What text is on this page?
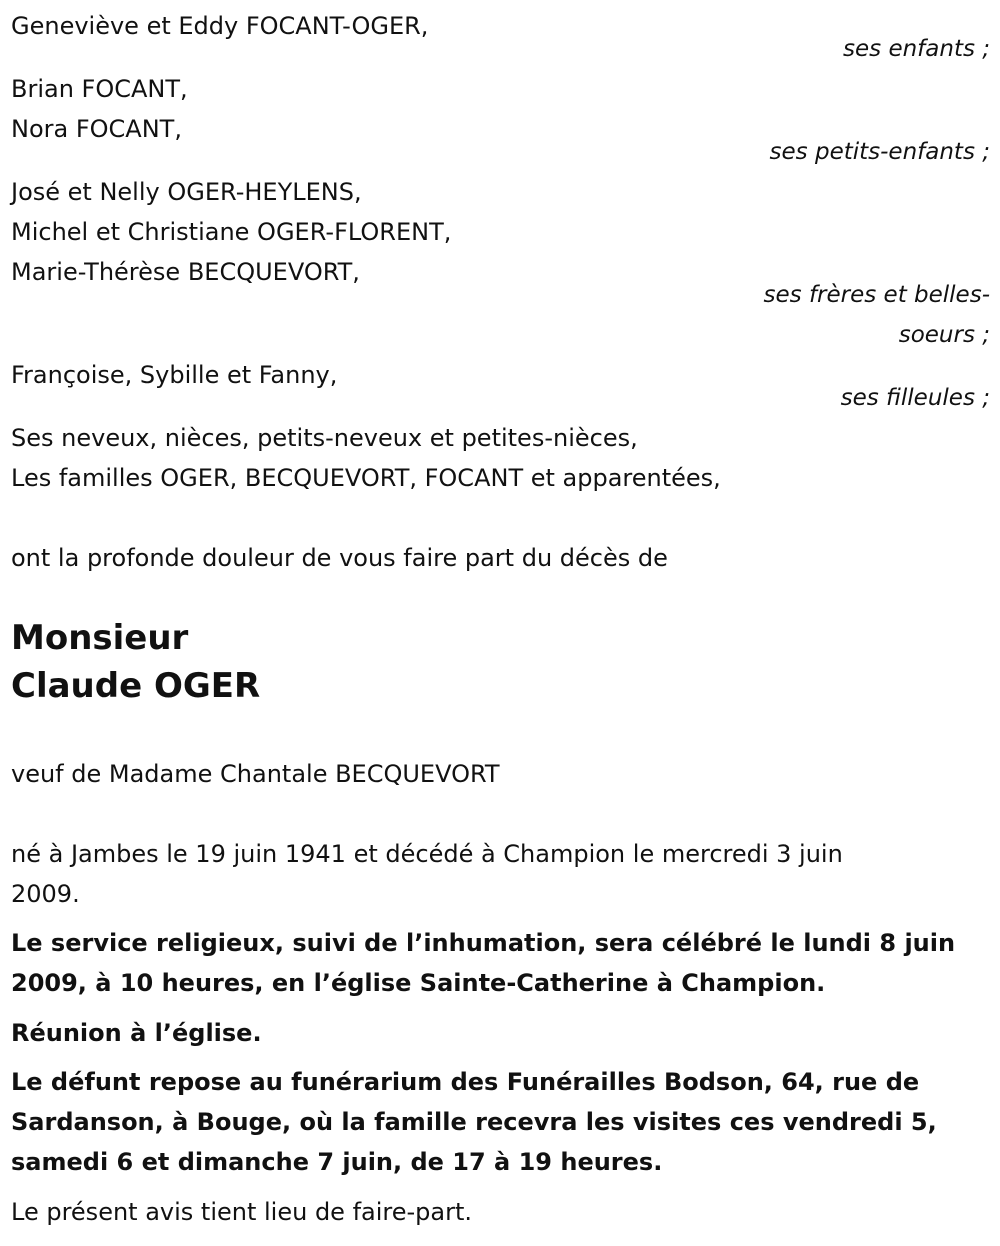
Geneviève et Eddy FOCANT-OGER,
ses enfants ;
Brian FOCANT,
Nora FOCANT,
ses petits-enfants ;
José et Nelly OGER-HEYLENS,
Michel et Christiane OGER-FLORENT,
Marie-Thérèse BECQUEVORT,
ses frères et belles-
soeurs ;
Françoise, Sybille et Fanny,
ses filleules ;
Ses neveux, nièces, petits-neveux et petites-nièces,
Les familles OGER, BECQUEVORT, FOCANT et apparentées,
ont la profonde douleur de vous faire part du décès de
Monsieur
Claude OGER
veuf de Madame Chantale BECQUEVORT
né à Jambes le 19 juin 1941 et décédé à Champion le mercredi 3 juin
2009.
Le service religieux, suivi de l’inhumation, sera célébré le lundi 8 juin
2009, à 10 heures, en l’église Sainte-Catherine à Champion.
Réunion à l’église.
Le défunt repose au funérarium des Funérailles Bodson, 64, rue de
Sardanson, à Bouge, où la famille recevra les visites ces vendredi 5,
samedi 6 et dimanche 7 juin, de 17 à 19 heures.
Le présent avis tient lieu de faire-part.
